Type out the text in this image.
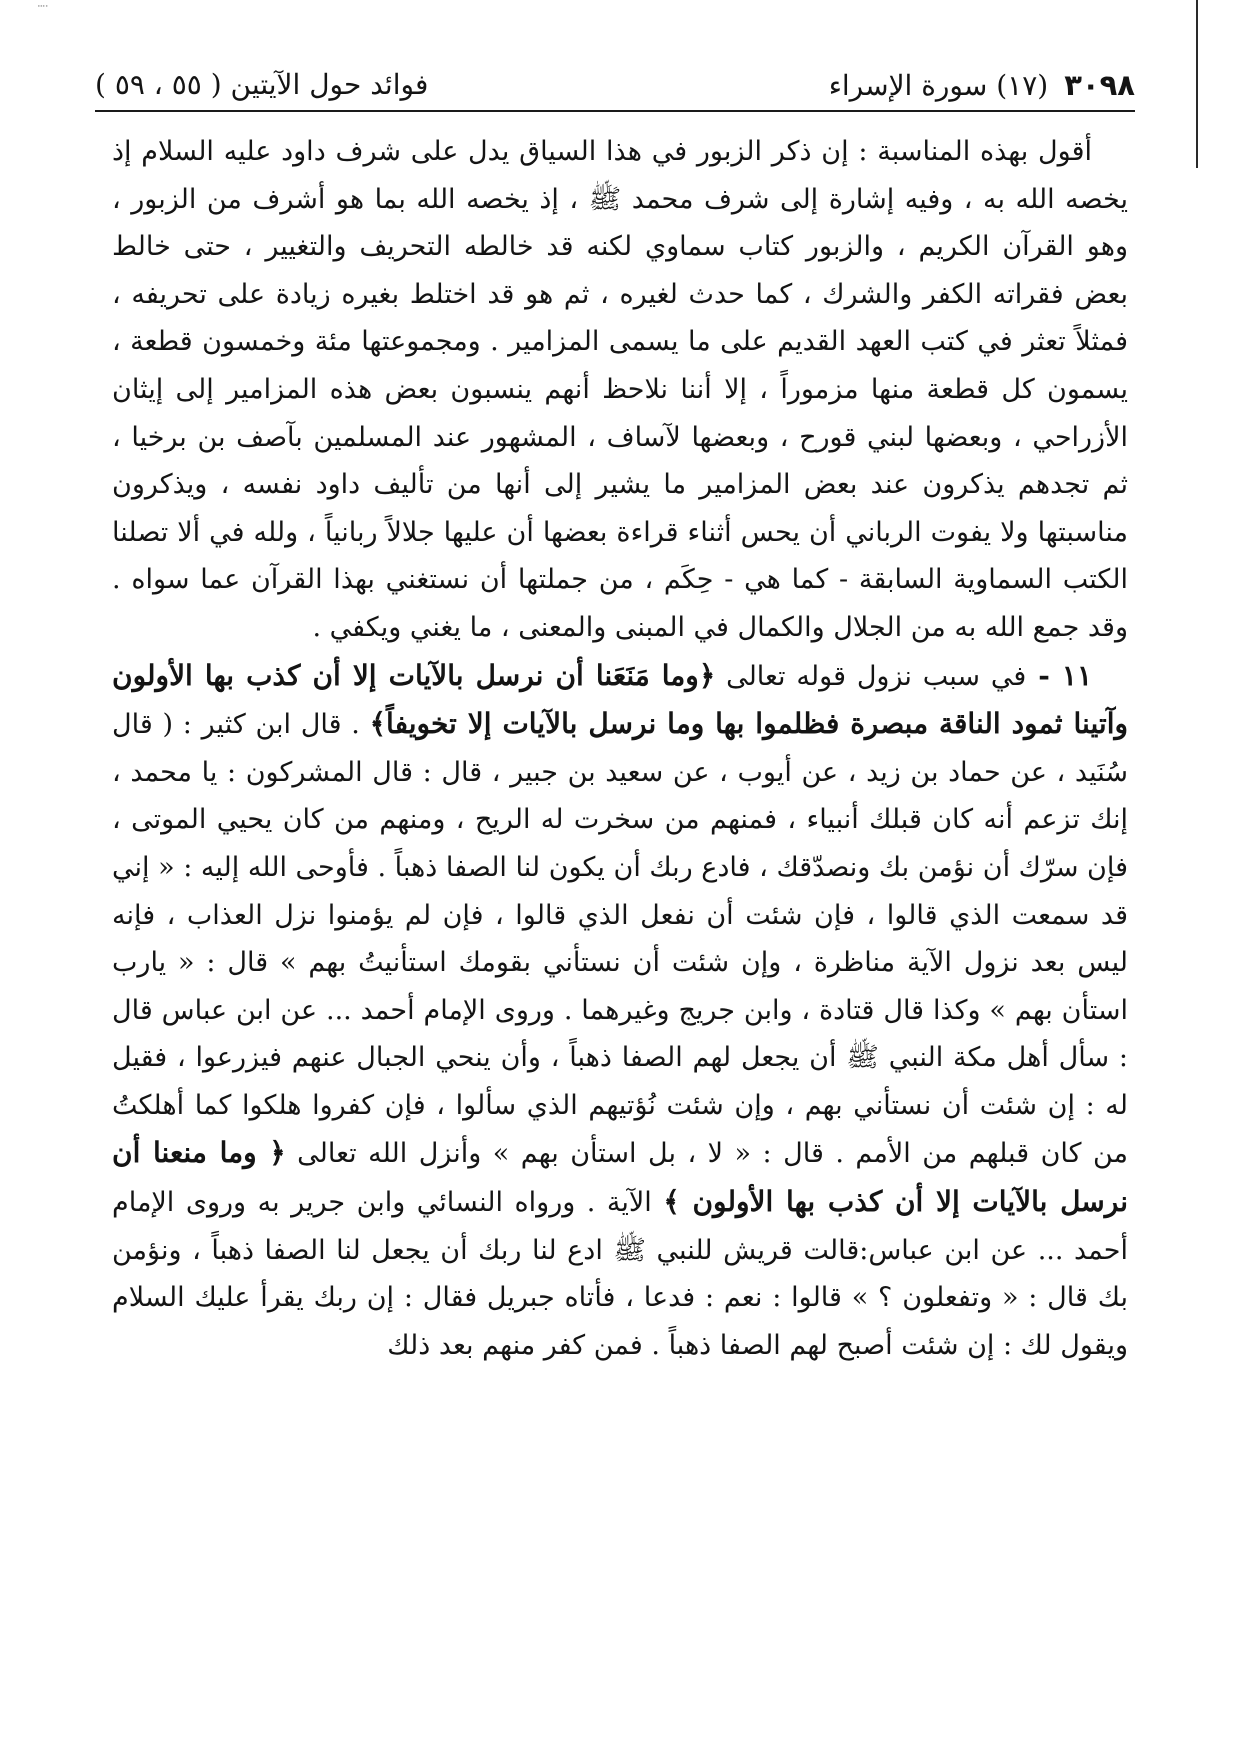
⁞
٣٠٩٨
(١٧) سورة الإسراء
فوائد حول الآيتين ( ٥٥ ، ٥٩ )

أقول بهذه المناسبة : إن ذكر الزبور في هذا السياق يدل على شرف داود عليه السلام إذ يخصه الله به ، وفيه إشارة إلى شرف محمد ﷺ ، إذ يخصه الله بما هو أشرف من الزبور ، وهو القرآن الكريم ، والزبور كتاب سماوي لكنه قد خالطه التحريف والتغيير ، حتى خالط بعض فقراته الكفر والشرك ، كما حدث لغيره ، ثم هو قد اختلط بغيره زيادة على تحريفه ، فمثلاً تعثر في كتب العهد القديم على ما يسمى المزامير . ومجموعتها مئة وخمسون قطعة ، يسمون كل قطعة منها مزموراً ، إلا أننا نلاحظ أنهم ينسبون بعض هذه المزامير إلى إيثان الأزراحي ، وبعضها لبني قورح ، وبعضها لآساف ، المشهور عند المسلمين بآصف بن برخيا ، ثم تجدهم يذكرون عند بعض المزامير ما يشير إلى أنها من تأليف داود نفسه ، ويذكرون مناسبتها ولا يفوت الرباني أن يحس أثناء قراءة بعضها أن عليها جلالاً ربانياً ، ولله في ألا تصلنا الكتب السماوية السابقة - كما هي - حِكَم ، من جملتها أن نستغني بهذا القرآن عما سواه . وقد جمع الله به من الجلال والكمال في المبنى والمعنى ، ما يغني ويكفي .

١١ - في سبب نزول قوله تعالى ﴿وما مَنَعَنا أن نرسل بالآيات إلا أن كذب بها الأولون وآتينا ثمود الناقة مبصرة فظلموا بها وما نرسل بالآيات إلا تخويفاً﴾ . قال ابن كثير : ( قال سُنَيد ، عن حماد بن زيد ، عن أيوب ، عن سعيد بن جبير ، قال : قال المشركون : يا محمد ، إنك تزعم أنه كان قبلك أنبياء ، فمنهم من سخرت له الريح ، ومنهم من كان يحيي الموتى ، فإن سرّك أن نؤمن بك ونصدّقك ، فادع ربك أن يكون لنا الصفا ذهباً . فأوحى الله إليه : « إني قد سمعت الذي قالوا ، فإن شئت أن نفعل الذي قالوا ، فإن لم يؤمنوا نزل العذاب ، فإنه ليس بعد نزول الآية مناظرة ، وإن شئت أن نستأني بقومك استأنيتُ بهم » قال : « يارب استأن بهم » وكذا قال قتادة ، وابن جريج وغيرهما . وروى الإمام أحمد ... عن ابن عباس قال : سأل أهل مكة النبي ﷺ أن يجعل لهم الصفا ذهباً ، وأن ينحي الجبال عنهم فيزرعوا ، فقيل له : إن شئت أن نستأني بهم ، وإن شئت نُؤتيهم الذي سألوا ، فإن كفروا هلكوا كما أهلكتُ من كان قبلهم من الأمم . قال : « لا ، بل استأن بهم » وأنزل الله تعالى ﴿ وما منعنا أن نرسل بالآيات إلا أن كذب بها الأولون ﴾ الآية . ورواه النسائي وابن جرير به وروى الإمام أحمد ... عن ابن عباس:قالت قريش للنبي ﷺ ادع لنا ربك أن يجعل لنا الصفا ذهباً ، ونؤمن بك قال : « وتفعلون ؟ » قالوا : نعم : فدعا ، فأتاه جبريل فقال : إن ربك يقرأ عليك السلام ويقول لك : إن شئت أصبح لهم الصفا ذهباً . فمن كفر منهم بعد ذلك
